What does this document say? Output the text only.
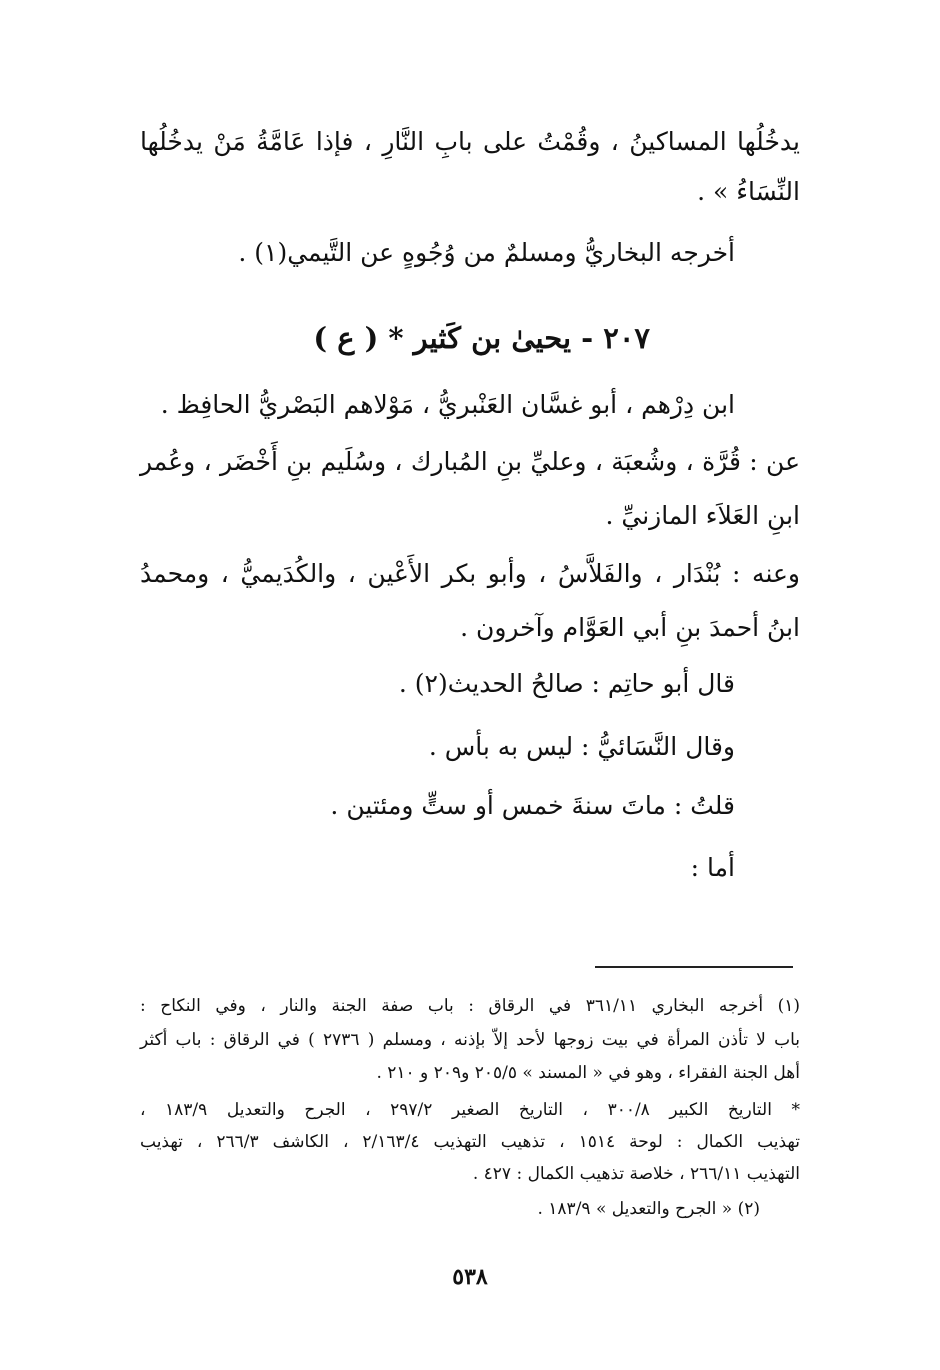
يدخُلُها المساكينُ ، وقُمْتُ على بابِ النَّارِ ، فإذا عَامَّةُ مَنْ يدخُلُها
النِّسَاءُ » .
أخرجه البخاريُّ ومسلمٌ من وُجُوهٍ عن التَّيمي(١) .
٢٠٧ - يحيىٰ بن كَثير * ( ع )
ابن دِرْهم ، أبو غسَّان العَنْبريُّ ، مَوْلاهم البَصْريُّ الحافِظ .
عن : قُرَّة ، وشُعبَة ، وعليِّ بنِ المُبارك ، وسُلَيم بنِ أَخْضَر ، وعُمر
ابنِ العَلاَء المازنيِّ .
وعنه : بُنْدَار ، والفَلاَّسُ ، وأبو بكر الأَعْين ، والكُدَيميُّ ، ومحمدُ
ابنُ أحمدَ بنِ أبي العَوَّام وآخرون .
قال أبو حاتِم : صالحُ الحديث(٢) .
وقال النَّسَائيُّ : ليس به بأس .
قلتُ : ماتَ سنةَ خمس أو ستٍّ ومئتين .
أما :
(١) أخرجه البخاري ٣٦١/١١ في الرقاق : باب صفة الجنة والنار ، وفي النكاح :
باب لا تأذن المرأة في بيت زوجها لأحد إلاّ بإذنه ، ومسلم ( ٢٧٣٦ ) في الرقاق : باب أكثر
أهل الجنة الفقراء ، وهو في « المسند » ٢٠٥/٥ و٢٠٩ و ٢١٠ .
* التاريخ الكبير ٣٠٠/٨ ، التاريخ الصغير ٢٩٧/٢ ، الجرح والتعديل ١٨٣/٩ ،
تهذيب الكمال : لوحة ١٥١٤ ، تذهيب التهذيب ٢/١٦٣/٤ ، الكاشف ٢٦٦/٣ ، تهذيب
التهذيب ٢٦٦/١١ ، خلاصة تذهيب الكمال : ٤٢٧ .
(٢) « الجرح والتعديل » ١٨٣/٩ .
٥٣٨
